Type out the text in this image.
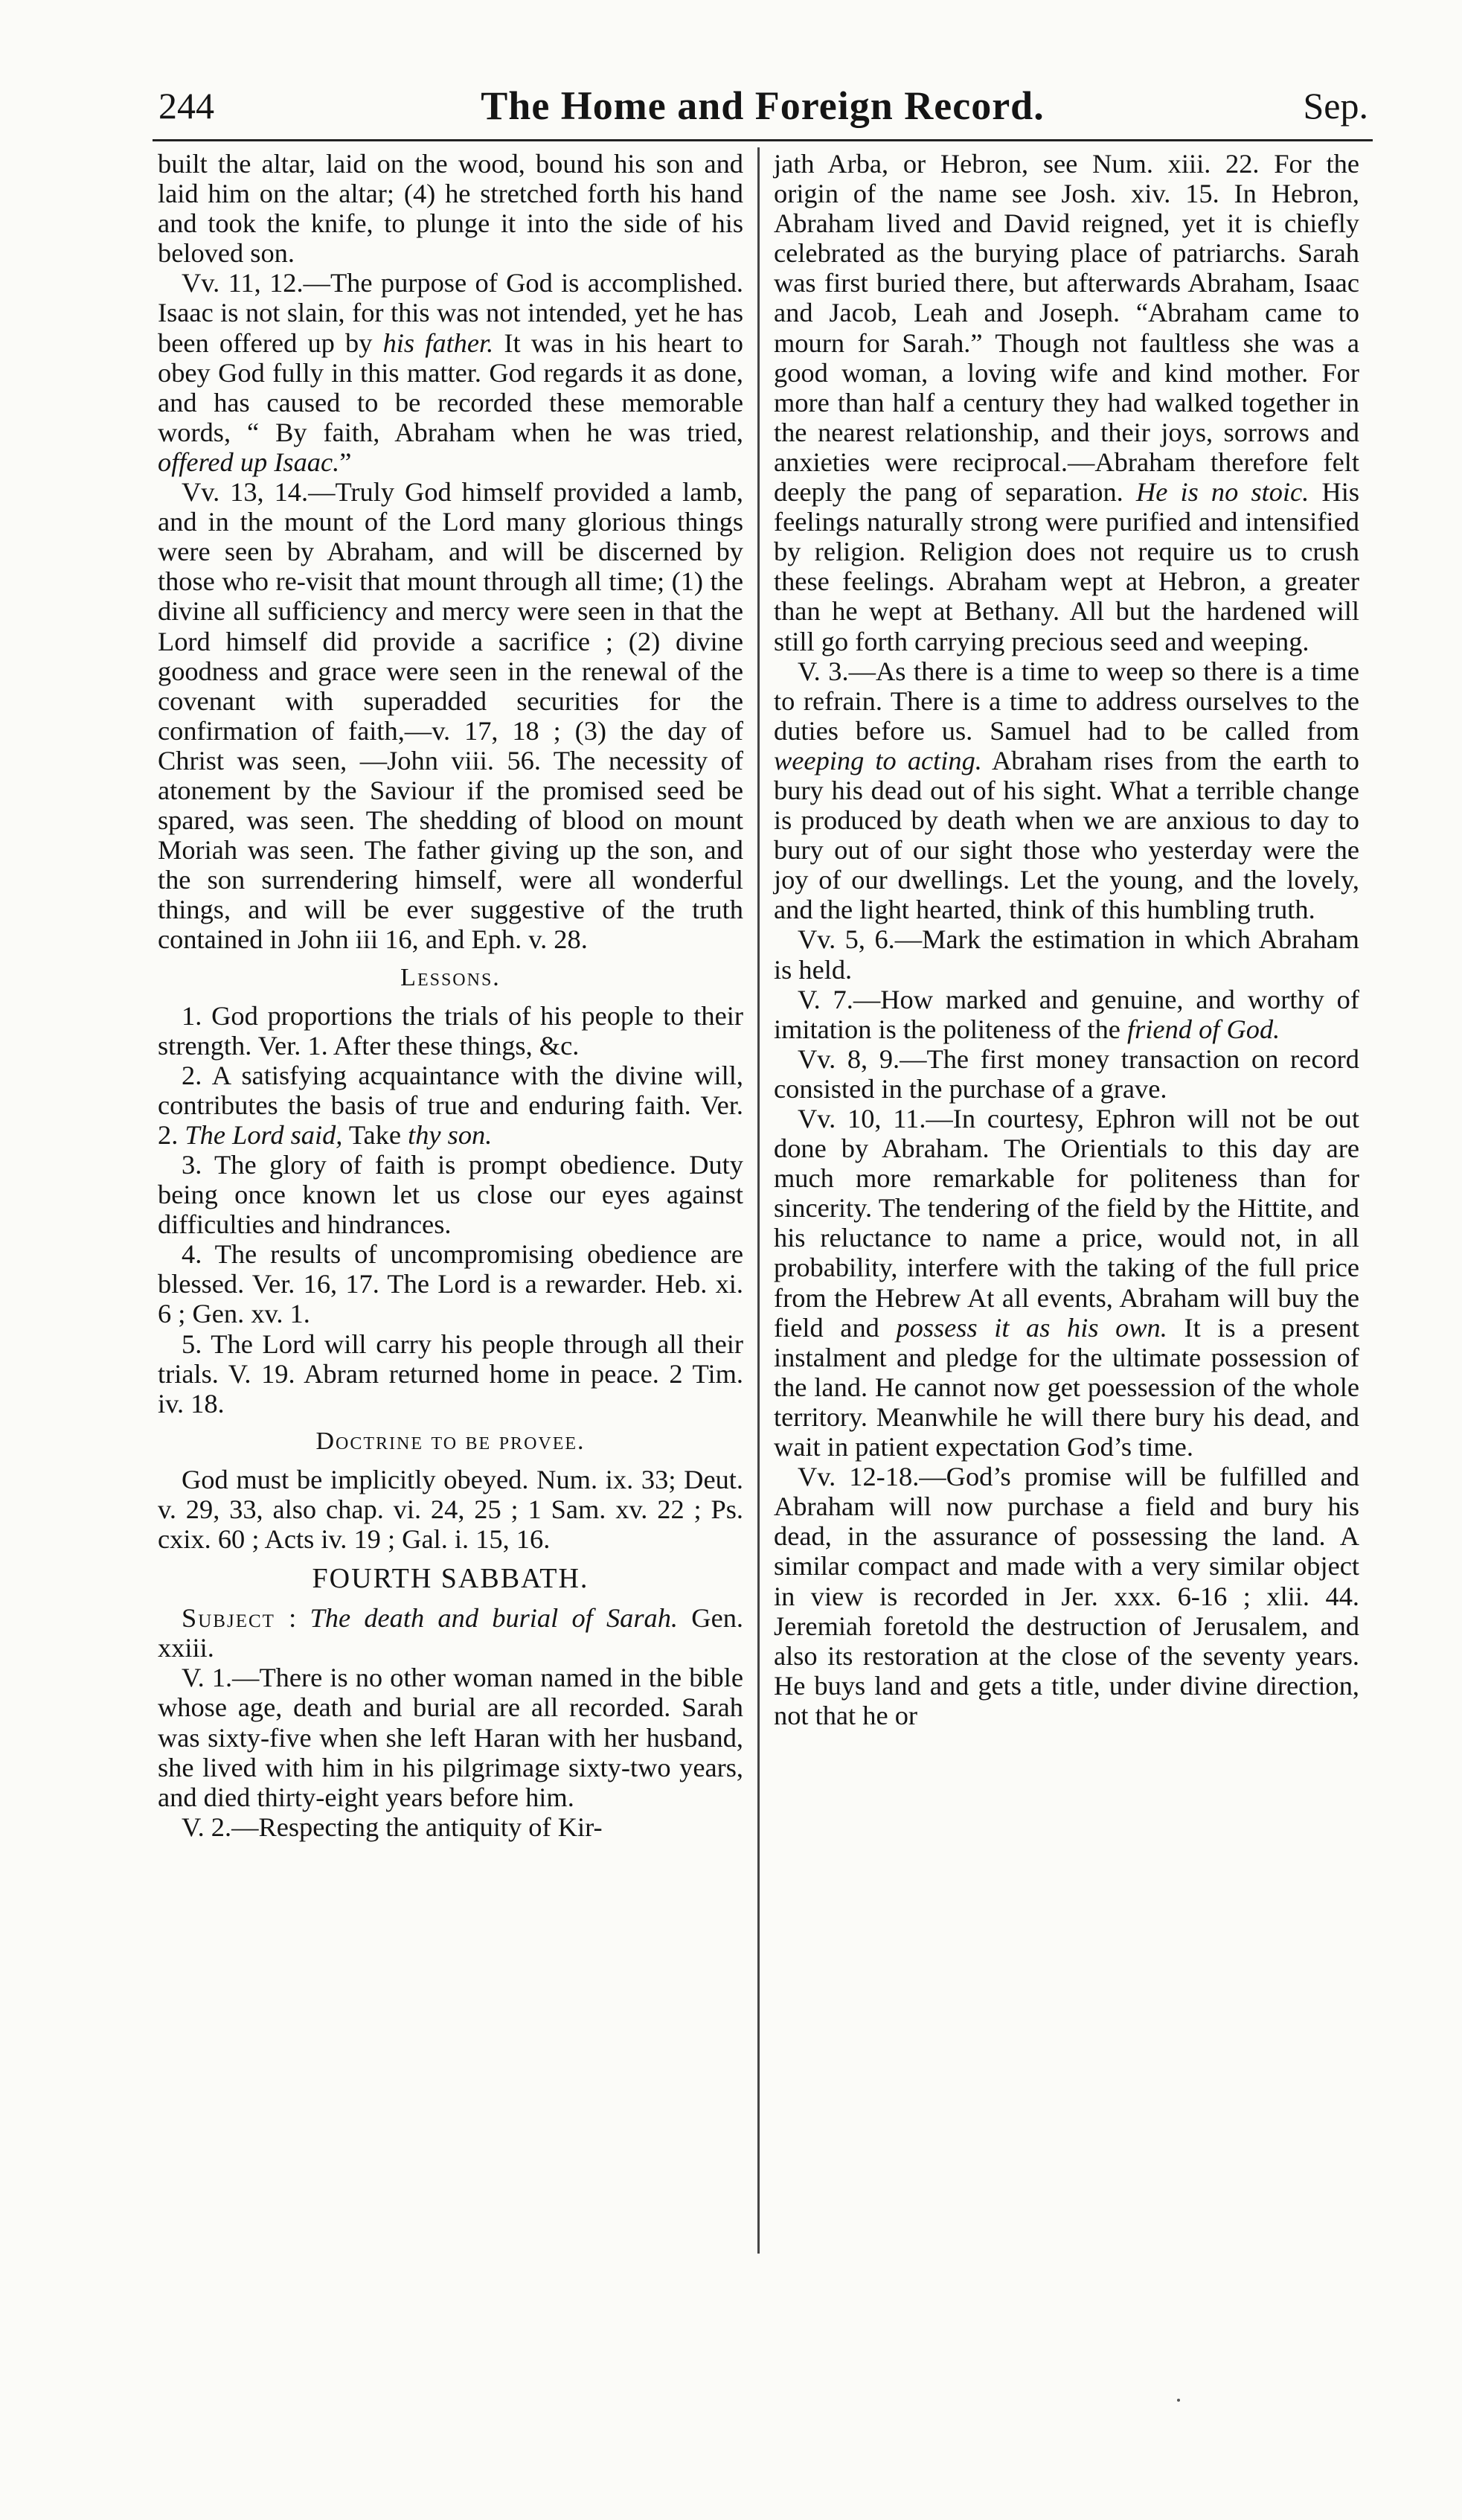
244	The Home and Foreign Record.	Sep.

built the altar, laid on the wood, bound his son and laid him on the altar; (4) he stretched forth his hand and took the knife, to plunge it into the side of his beloved son.

Vv. 11, 12.—The purpose of God is accomplished. Isaac is not slain, for this was not intended, yet he has been offered up by his father. It was in his heart to obey God fully in this matter. God regards it as done, and has caused to be recorded these memorable words, “ By faith, Abraham when he was tried, offered up Isaac.”

Vv. 13, 14.—Truly God himself provided a lamb, and in the mount of the Lord many glorious things were seen by Abraham, and will be discerned by those who re-visit that mount through all time; (1) the divine all sufficiency and mercy were seen in that the Lord himself did provide a sacrifice ; (2) divine goodness and grace were seen in the renewal of the covenant with superadded securities for the confirmation of faith,—v. 17, 18 ; (3) the day of Christ was seen, —John viii. 56. The necessity of atonement by the Saviour if the promised seed be spared, was seen. The shedding of blood on mount Moriah was seen. The father giving up the son, and the son surrendering himself, were all wonderful things, and will be ever suggestive of the truth contained in John iii 16, and Eph. v. 28.

Lessons.

1. God proportions the trials of his people to their strength. Ver. 1. After these things, &c.

2. A satisfying acquaintance with the divine will, contributes the basis of true and enduring faith. Ver. 2. The Lord said, Take thy son.

3. The glory of faith is prompt obedience. Duty being once known let us close our eyes against difficulties and hindrances.

4. The results of uncompromising obedience are blessed. Ver. 16, 17. The Lord is a rewarder. Heb. xi. 6 ; Gen. xv. 1.

5. The Lord will carry his people through all their trials. V. 19. Abram returned home in peace. 2 Tim. iv. 18.

Doctrine to be provee.

God must be implicitly obeyed. Num. ix. 33; Deut. v. 29, 33, also chap. vi. 24, 25 ; 1 Sam. xv. 22 ; Ps. cxix. 60 ; Acts iv. 19 ; Gal. i. 15, 16.

FOURTH SABBATH.

Subject : The death and burial of Sarah. Gen. xxiii.

V. 1.—There is no other woman named in the bible whose age, death and burial are all recorded. Sarah was sixty-five when she left Haran with her husband, she lived with him in his pilgrimage sixty-two years, and died thirty-eight years before him.

V. 2.—Respecting the antiquity of Kir-

jath Arba, or Hebron, see Num. xiii. 22. For the origin of the name see Josh. xiv. 15. In Hebron, Abraham lived and David reigned, yet it is chiefly celebrated as the burying place of patriarchs. Sarah was first buried there, but afterwards Abraham, Isaac and Jacob, Leah and Joseph. “Abraham came to mourn for Sarah.” Though not faultless she was a good woman, a loving wife and kind mother. For more than half a century they had walked together in the nearest relationship, and their joys, sorrows and anxieties were reciprocal.—Abraham therefore felt deeply the pang of separation. He is no stoic. His feelings naturally strong were purified and intensified by religion. Religion does not require us to crush these feelings. Abraham wept at Hebron, a greater than he wept at Bethany. All but the hardened will still go forth carrying precious seed and weeping.

V. 3.—As there is a time to weep so there is a time to refrain. There is a time to address ourselves to the duties before us. Samuel had to be called from weeping to acting. Abraham rises from the earth to bury his dead out of his sight. What a terrible change is produced by death when we are anxious to day to bury out of our sight those who yesterday were the joy of our dwellings. Let the young, and the lovely, and the light hearted, think of this humbling truth.

Vv. 5, 6.—Mark the estimation in which Abraham is held.

V. 7.—How marked and genuine, and worthy of imitation is the politeness of the friend of God.

Vv. 8, 9.—The first money transaction on record consisted in the purchase of a grave.

Vv. 10, 11.—In courtesy, Ephron will not be out done by Abraham. The Orientials to this day are much more remarkable for politeness than for sincerity. The tendering of the field by the Hittite, and his reluctance to name a price, would not, in all probability, interfere with the taking of the full price from the Hebrew At all events, Abraham will buy the field and possess it as his own. It is a present instalment and pledge for the ultimate possession of the land. He cannot now get poessession of the whole territory. Meanwhile he will there bury his dead, and wait in patient expectation God’s time.

Vv. 12-18.—God’s promise will be fulfilled and Abraham will now purchase a field and bury his dead, in the assurance of possessing the land. A similar compact and made with a very similar object in view is recorded in Jer. xxx. 6-16 ; xlii. 44. Jeremiah foretold the destruction of Jerusalem, and also its restoration at the close of the seventy years. He buys land and gets a title, under divine direction, not that he or
